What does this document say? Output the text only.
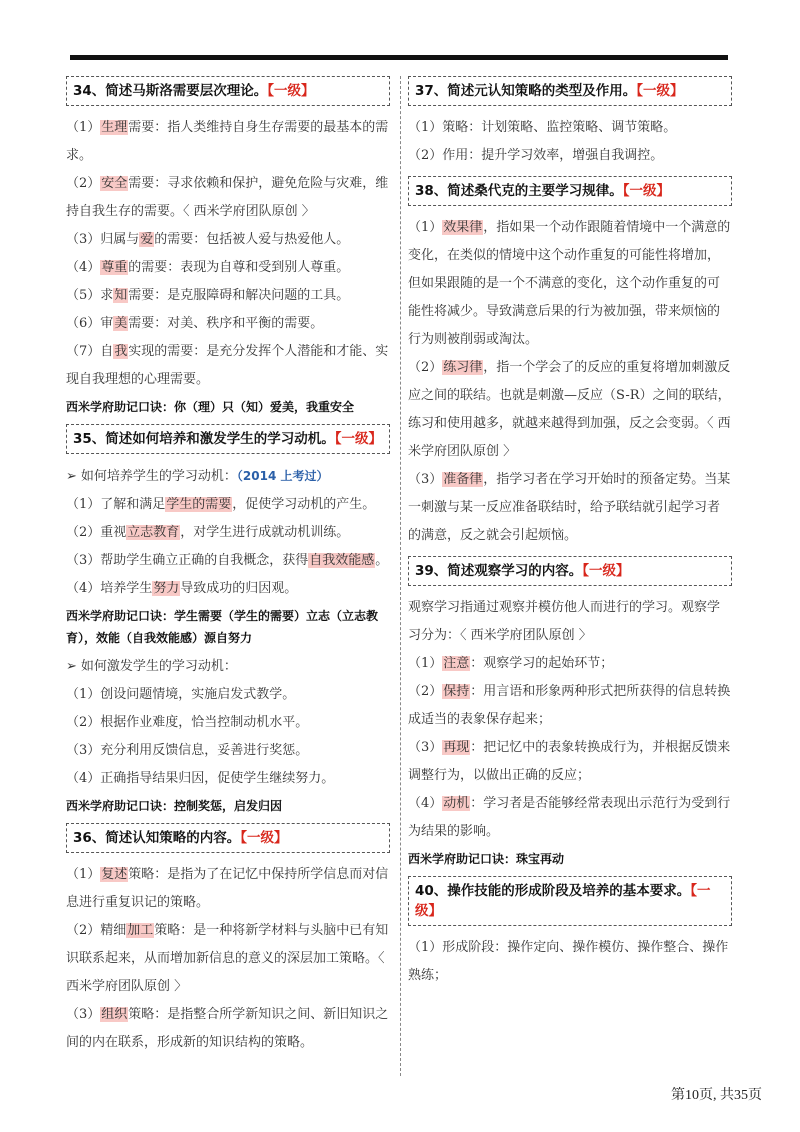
34、简述马斯洛需要层次理论。【一级】

（1）生理需要：指人类维持自身生存需要的最基本的需求。

（2）安全需要：寻求依赖和保护，避免危险与灾难，维持自我生存的需要。〈 西米学府团队原创 〉

（3）归属与爱的需要：包括被人爱与热爱他人。

（4）尊重的需要：表现为自尊和受到别人尊重。

（5）求知需要：是克服障碍和解决问题的工具。

（6）审美需要：对美、秩序和平衡的需要。

（7）自我实现的需要：是充分发挥个人潜能和才能、实现自我理想的心理需要。

西米学府助记口诀：你（理）只（知）爱美，我重安全

35、简述如何培养和激发学生的学习动机。【一级】
➢ 如何培养学生的学习动机：（2014 上考过）

（1）了解和满足学生的需要，促使学习动机的产生。

（2）重视立志教育，对学生进行成就动机训练。

（3）帮助学生确立正确的自我概念，获得自我效能感。

（4）培养学生努力导致成功的归因观。

西米学府助记口诀：学生需要（学生的需要）立志（立志教育），效能（自我效能感）源自努力

➢ 如何激发学生的学习动机：

（1）创设问题情境，实施启发式教学。

（2）根据作业难度，恰当控制动机水平。

（3）充分利用反馈信息，妥善进行奖惩。

（4）正确指导结果归因，促使学生继续努力。

西米学府助记口诀：控制奖惩，启发归因

36、简述认知策略的内容。【一级】

（1）复述策略：是指为了在记忆中保持所学信息而对信息进行重复识记的策略。

（2）精细加工策略：是一种将新学材料与头脑中已有知识联系起来，从而增加新信息的意义的深层加工策略。〈 西米学府团队原创 〉

（3）组织策略：是指整合所学新知识之间、新旧知识之间的内在联系，形成新的知识结构的策略。

37、简述元认知策略的类型及作用。【一级】

（1）策略：计划策略、监控策略、调节策略。

（2）作用：提升学习效率，增强自我调控。

38、简述桑代克的主要学习规律。【一级】

（1）效果律，指如果一个动作跟随着情境中一个满意的变化，在类似的情境中这个动作重复的可能性将增加，但如果跟随的是一个不满意的变化，这个动作重复的可能性将减少。导致满意后果的行为被加强，带来烦恼的行为则被削弱或淘汰。

（2）练习律，指一个学会了的反应的重复将增加刺激反应之间的联结。也就是刺激—反应（S-R）之间的联结，练习和使用越多，就越来越得到加强，反之会变弱。〈 西米学府团队原创 〉

（3）准备律，指学习者在学习开始时的预备定势。当某一刺激与某一反应准备联结时，给予联结就引起学习者的满意，反之就会引起烦恼。

39、简述观察学习的内容。【一级】

观察学习指通过观察并模仿他人而进行的学习。观察学习分为：〈 西米学府团队原创 〉

（1）注意：观察学习的起始环节；

（2）保持：用言语和形象两种形式把所获得的信息转换成适当的表象保存起来；

（3）再现：把记忆中的表象转换成行为，并根据反馈来调整行为，以做出正确的反应；

（4）动机：学习者是否能够经常表现出示范行为受到行为结果的影响。

西米学府助记口诀：珠宝再动

40、操作技能的形成阶段及培养的基本要求。【一级】

（1）形成阶段：操作定向、操作模仿、操作整合、操作熟练；

第10页, 共35页
